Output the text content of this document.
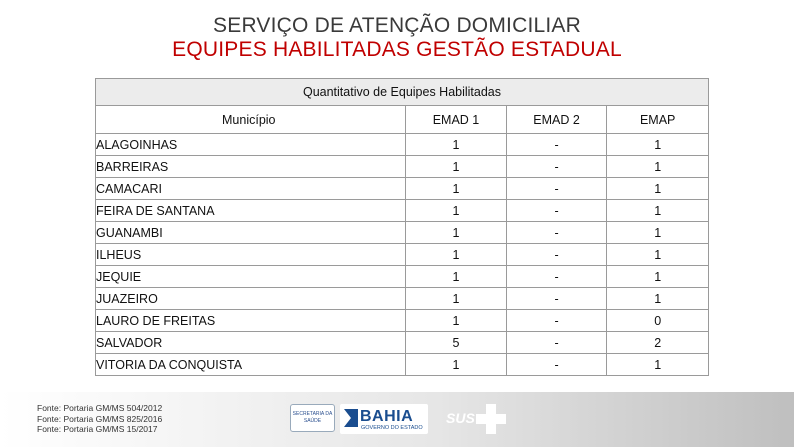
SERVIÇO DE ATENÇÃO DOMICILIAR
EQUIPES HABILITADAS GESTÃO ESTADUAL
Quantitativo de Equipes Habilitadas			
Município	EMAD 1	EMAD 2	EMAP
ALAGOINHAS	1	-	1
BARREIRAS	1	-	1
CAMACARI	1	-	1
FEIRA DE SANTANA	1	-	1
GUANAMBI	1	-	1
ILHEUS	1	-	1
JEQUIE	1	-	1
JUAZEIRO	1	-	1
LAURO DE FREITAS	1	-	0
SALVADOR	5	-	2
VITORIA DA CONQUISTA	1	-	1
Fonte: Portaria GM/MS 504/2012
Fonte: Portaria GM/MS 825/2016
Fonte: Portaria GM/MS 15/2017
SECRETARIA DA SAÚDE	BAHIA
GOVERNO DO ESTADO
SUS
